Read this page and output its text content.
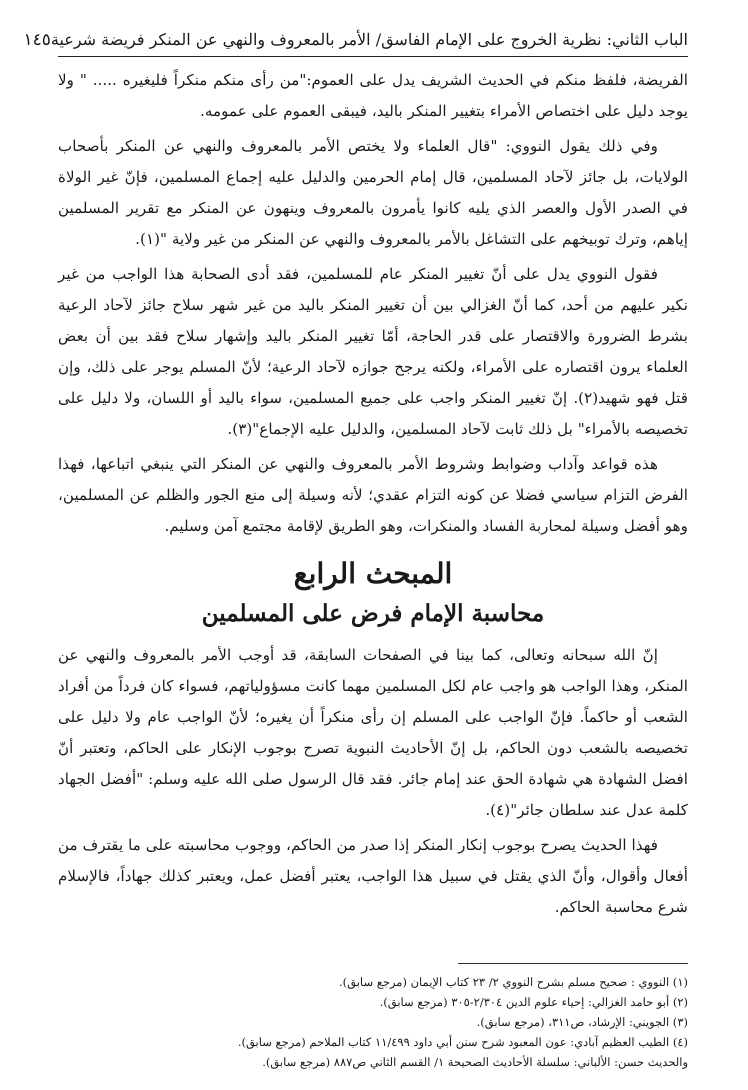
الباب الثاني: نظرية الخروج على الإمام الفاسق/ الأمر بالمعروف والنهي عن المنكر فريضة شرعية
١٤٥

الفريضة، فلفظ منكم في الحديث الشريف يدل على العموم:"من رأى منكم منكراً فليغيره ..... " ولا يوجد دليل على اختصاص الأمراء بتغيير المنكر باليد، فيبقى العموم على عمومه.

وفي ذلك يقول النووي: "قال العلماء ولا يختص الأمر بالمعروف والنهي عن المنكر بأصحاب الولايات، بل جائز لآحاد المسلمين، قال إمام الحرمين والدليل عليه إجماع المسلمين، فإنّ غير الولاة في الصدر الأول والعصر الذي يليه كانوا يأمرون بالمعروف وينهون عن المنكر مع تقرير المسلمين إياهم، وترك توبيخهم على التشاغل بالأمر بالمعروف والنهي عن المنكر من غير ولاية "(١).

فقول النووي يدل على أنّ تغيير المنكر عام للمسلمين، فقد أدى الصحابة هذا الواجب من غير نكير عليهم من أحد، كما أنّ الغزالي بين أن تغيير المنكر باليد من غير شهر سلاح جائز لآحاد الرعية بشرط الضرورة والاقتصار على قدر الحاجة، أمّا تغيير المنكر باليد وإشهار سلاح فقد بين أن بعض العلماء يرون اقتصاره على الأمراء، ولكنه يرجح جوازه لآحاد الرعية؛ لأنّ المسلم يوجر على ذلك، وإن قتل فهو شهيد(٢). إنّ تغيير المنكر واجب على جميع المسلمين، سواء باليد أو اللسان، ولا دليل على تخصيصه بالأمراء" بل ذلك ثابت لآحاد المسلمين، والدليل عليه الإجماع"(٣).

هذه قواعد وآداب وضوابط وشروط الأمر بالمعروف والنهي عن المنكر التي ينبغي اتباعها، فهذا الفرض التزام سياسي فضلا عن كونه التزام عقدي؛ لأنه وسيلة إلى منع الجور والظلم عن المسلمين، وهو أفضل وسيلة لمحاربة الفساد والمنكرات، وهو الطريق لإقامة مجتمع آمن وسليم.

المبحث الرابع
محاسبة الإمام فرض على المسلمين

إنّ الله سبحانه وتعالى، كما بينا في الصفحات السابقة، قد أوجب الأمر بالمعروف والنهي عن المنكر، وهذا الواجب هو واجب عام لكل المسلمين مهما كانت مسؤولياتهم، فسواء كان فرداً من أفراد الشعب أو حاكماً. فإنّ الواجب على المسلم إن رأى منكراً أن يغيره؛ لأنّ الواجب عام ولا دليل على تخصيصه بالشعب دون الحاكم، بل إنّ الأحاديث النبوية تصرح بوجوب الإنكار على الحاكم، وتعتبر أنّ افضل الشهادة هي شهادة الحق عند إمام جائر. فقد قال الرسول صلى الله عليه وسلم: "أفضل الجهاد كلمة عدل عند سلطان جائر"(٤).

فهذا الحديث يصرح بوجوب إنكار المنكر إذا صدر من الحاكم، ووجوب محاسبته على ما يقترف من أفعال وأقوال، وأنّ الذي يقتل في سبيل هذا الواجب، يعتبر أفضل عمل، ويعتبر كذلك جهاداً، فالإسلام شرع محاسبة الحاكم.

(١) النووي : صحيح مسلم بشرح النووي ٢/ ٢٣ كتاب الإيمان (مرجع سابق).

(٢) أبو حامد الغزالي: إحياء علوم الدين ٢/٣٠٤-٣٠٥ (مرجع سابق).

(٣) الجويني: الإرشاد، ص٣١١، (مرجع سابق).

(٤) الطيب العظيم آبادي: عون المعبود شرح سنن أبي داود ١١/٤٩٩ كتاب الملاحم (مرجع سابق).

والحديث حسن: الألباني: سلسلة الأحاديث الصحيحة ١/ القسم الثاني ص٨٨٧ (مرجع سابق).
